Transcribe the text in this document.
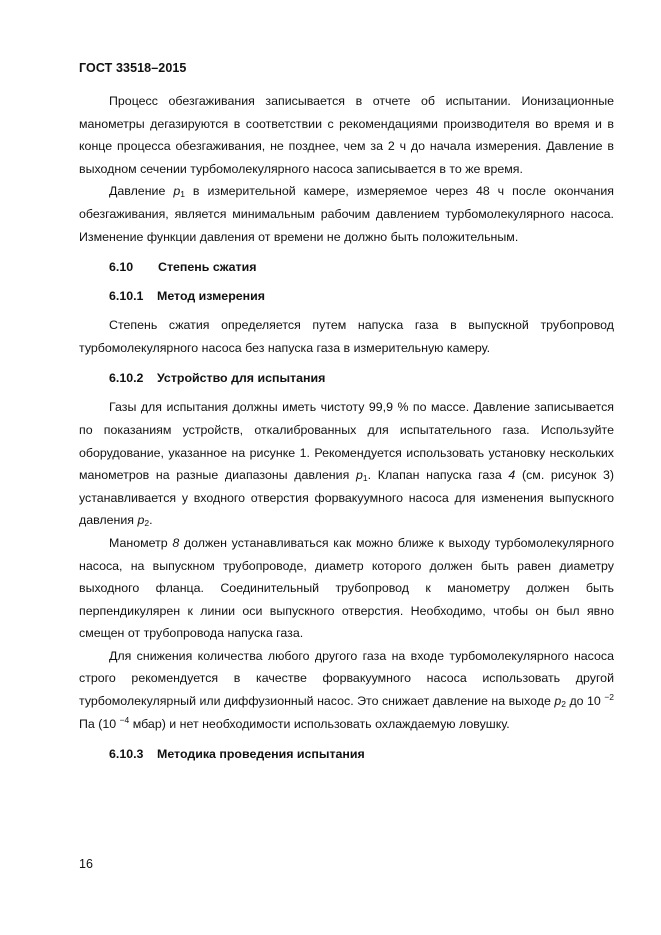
ГОСТ 33518–2015

Процесс обезгаживания записывается в отчете об испытании. Ионизационные манометры дегазируются в соответствии с рекомендациями производителя во время и в конце процесса обезгаживания, не позднее, чем за 2 ч до начала измерения. Давление в выходном сечении турбомолекулярного насоса записывается в то же время.

Давление $p_1$ в измерительной камере, измеряемое через 48 ч после окончания обезгаживания, является минимальным рабочим давлением турбомолекулярного насоса. Изменение функции давления от времени не должно быть положительным.

6.10 Степень сжатия
6.10.1 Метод измерения

Степень сжатия определяется путем напуска газа в выпускной трубопровод турбомолекулярного насоса без напуска газа в измерительную камеру.

6.10.2 Устройство для испытания

Газы для испытания должны иметь чистоту 99,9 % по массе. Давление записывается по показаниям устройств, откалиброванных для испытательного газа. Используйте оборудование, указанное на рисунке 1. Рекомендуется использовать установку нескольких манометров на разные диапазоны давления $p_1$. Клапан напуска газа 4 (см. рисунок 3) устанавливается у входного отверстия форвакуумного насоса для изменения выпускного давления $p_2$.

Манометр 8 должен устанавливаться как можно ближе к выходу турбомолекулярного насоса, на выпускном трубопроводе, диаметр которого должен быть равен диаметру выходного фланца. Соединительный трубопровод к манометру должен быть перпендикулярен к линии оси выпускного отверстия. Необходимо, чтобы он был явно смещен от трубопровода напуска газа.

Для снижения количества любого другого газа на входе турбомолекулярного насоса строго рекомендуется в качестве форвакуумного насоса использовать другой турбомолекулярный или диффузионный насос. Это снижает давление на выходе $p_2$ до 10 $^{-2}$ Па (10 $^{-4}$ мбар) и нет необходимости использовать охлаждаемую ловушку.

6.10.3 Методика проведения испытания
16
